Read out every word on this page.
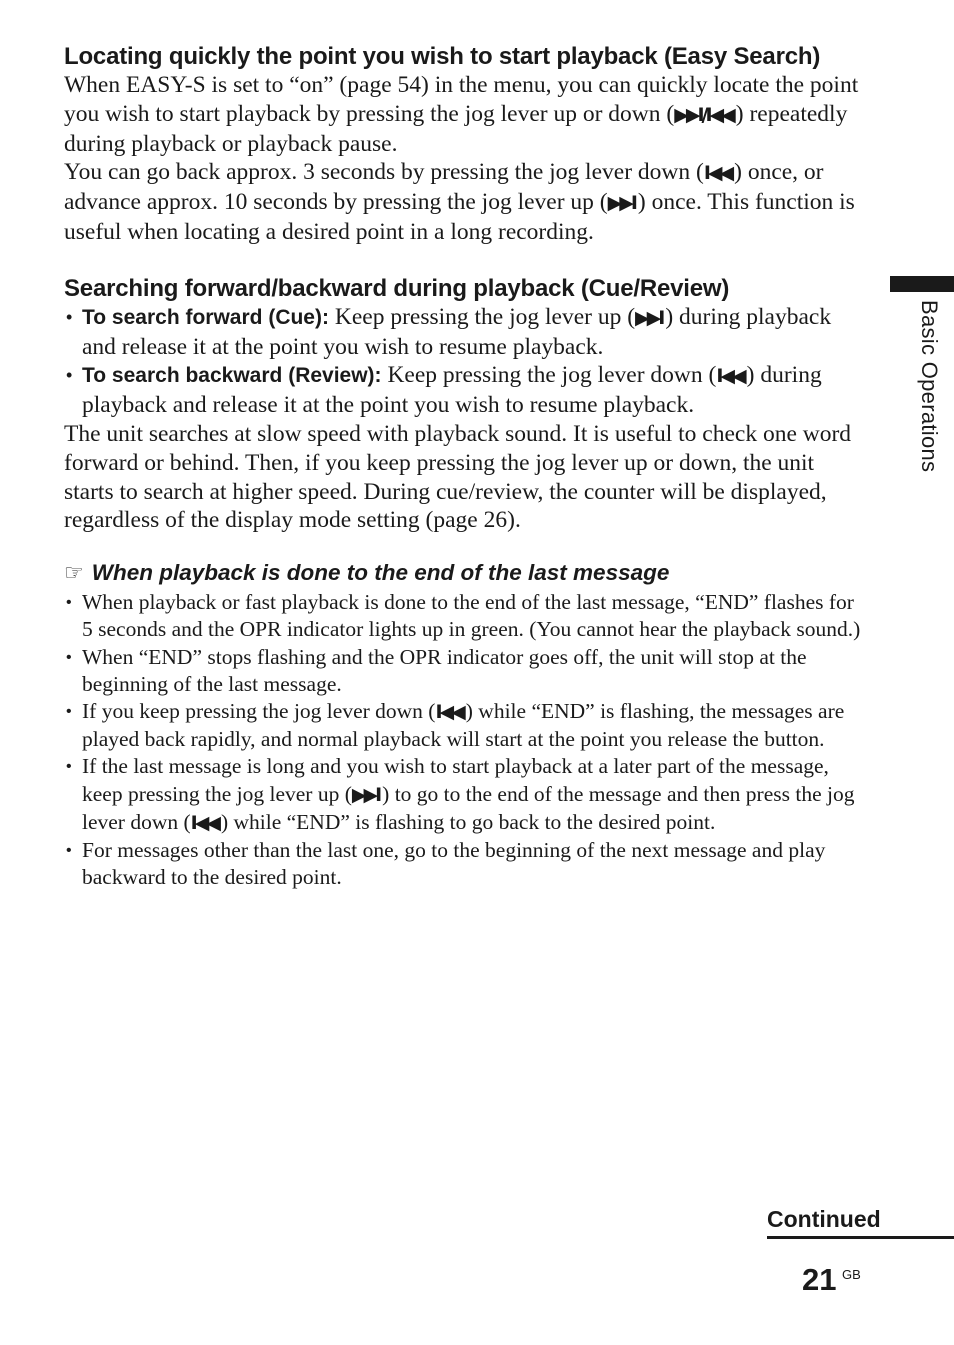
Basic Operations
Locating quickly the point you wish to start playback (Easy Search)

When EASY-S is set to “on” (page 54) in the menu, you can quickly locate the point you wish to start playback by pressing the jog lever up or down (▶▶I/I◀◀ ) repeatedly during playback or playback pause.

You can go back approx. 3 seconds by pressing the jog lever down (I◀◀ ) once, or advance approx. 10 seconds by pressing the jog lever up (▶▶I ) once. This function is useful when locating a desired point in a long recording.

Searching forward/backward during playback (Cue/Review)
• To search forward (Cue): Keep pressing the jog lever up (▶▶I ) during playback and release it at the point you wish to resume playback.
• To search backward (Review): Keep pressing the jog lever down (I◀◀ ) during playback and release it at the point you wish to resume playback.

The unit searches at slow speed with playback sound. It is useful to check one word forward or behind. Then, if you keep pressing the jog lever up or down, the unit starts to search at higher speed. During cue/review, the counter will be displayed, regardless of the display mode setting (page 26).

☞ When playback is done to the end of the last message
• When playback or fast playback is done to the end of the last message, “END” flashes for 5 seconds and the OPR indicator lights up in green. (You cannot hear the playback sound.)
• When “END” stops flashing and the OPR indicator goes off, the unit will stop at the beginning of the last message.
• If you keep pressing the jog lever down (I◀◀ ) while “END” is flashing, the messages are played back rapidly, and normal playback will start at the point you release the button.
• If the last message is long and you wish to start playback at a later part of the message, keep pressing the jog lever up (▶▶I ) to go to the end of the message and then press the jog lever down (I◀◀ ) while “END” is flashing to go back to the desired point.
• For messages other than the last one, go to the beginning of the next message and play backward to the desired point.
Continued
21 GB
